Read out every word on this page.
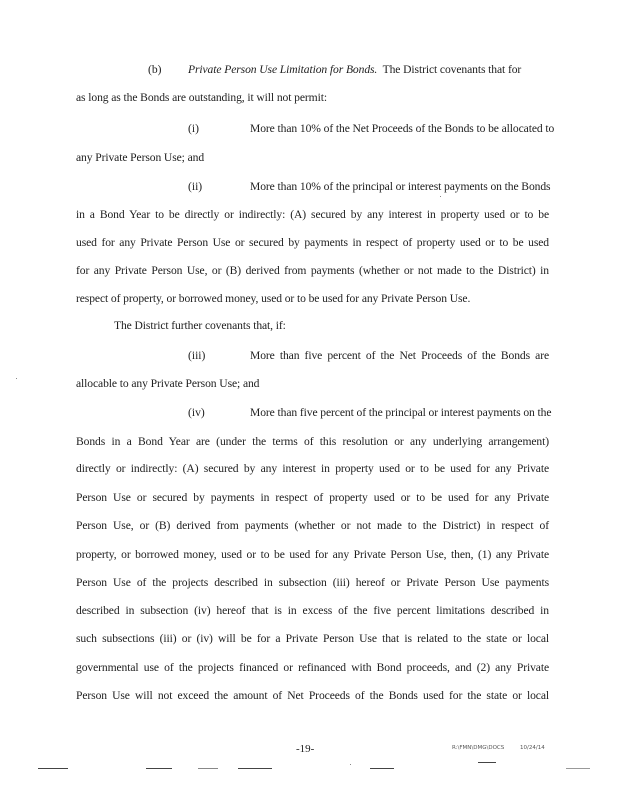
(b) Private Person Use Limitation for Bonds. The District covenants that for
as long as the Bonds are outstanding, it will not permit:
(i)	More than 10% of the Net Proceeds of the Bonds to be allocated to
any Private Person Use; and
(ii)	More than 10% of the principal or interest payments on the Bonds
in a Bond Year to be directly or indirectly: (A) secured by any interest in property used or to be
used for any Private Person Use or secured by payments in respect of property used or to be used
for any Private Person Use, or (B) derived from payments (whether or not made to the District) in
respect of property, or borrowed money, used or to be used for any Private Person Use.
The District further covenants that, if:
(iii)	More than five percent of the Net Proceeds of the Bonds are
allocable to any Private Person Use; and
(iv)	More than five percent of the principal or interest payments on the
Bonds in a Bond Year are (under the terms of this resolution or any underlying arrangement)
directly or indirectly: (A) secured by any interest in property used or to be used for any Private
Person Use or secured by payments in respect of property used or to be used for any Private
Person Use, or (B) derived from payments (whether or not made to the District) in respect of
property, or borrowed money, used or to be used for any Private Person Use, then, (1) any Private
Person Use of the projects described in subsection (iii) hereof or Private Person Use payments
described in subsection (iv) hereof that is in excess of the five percent limitations described in
such subsections (iii) or (iv) will be for a Private Person Use that is related to the state or local
governmental use of the projects financed or refinanced with Bond proceeds, and (2) any Private
Person Use will not exceed the amount of Net Proceeds of the Bonds used for the state or local
-19-	R:\FMN\DMG\DOCS	10/24/14
